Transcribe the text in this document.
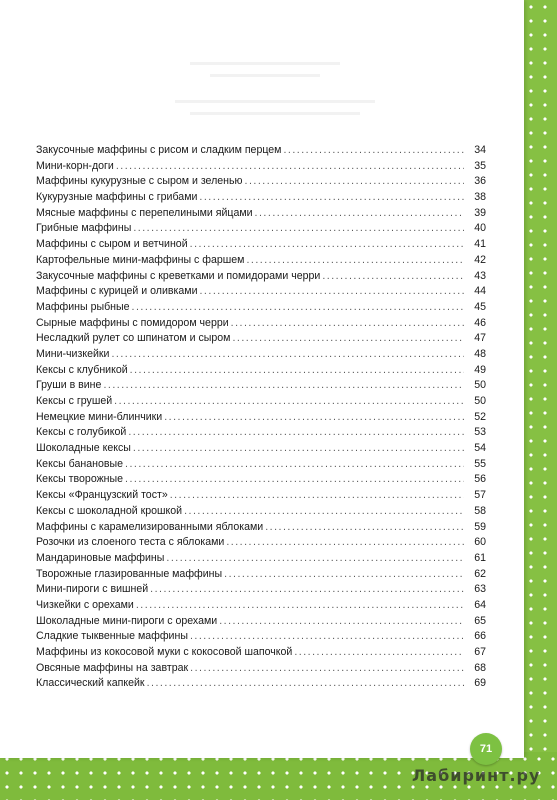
Закусочные маффины с рисом и сладким перцем .....	34
Мини-корн-доги .....	35
Маффины кукурузные с сыром и зеленью .....	36
Кукурузные маффины с грибами .....	38
Мясные маффины с перепелиными яйцами .....	39
Грибные маффины .....	40
Маффины с сыром и ветчиной .....	41
Картофельные мини-маффины с фаршем .....	42
Закусочные маффины с креветками и помидорами черри .....	43
Маффины с курицей и оливками .....	44
Маффины рыбные .....	45
Сырные маффины с помидором черри .....	46
Несладкий рулет со шпинатом и сыром .....	47
Мини-чизкейки .....	48
Кексы с клубникой .....	49
Груши в вине .....	50
Кексы с грушей .....	50
Немецкие мини-блинчики .....	52
Кексы с голубикой .....	53
Шоколадные кексы .....	54
Кексы банановые .....	55
Кексы творожные .....	56
Кексы «Французский тост» .....	57
Кексы с шоколадной крошкой .....	58
Маффины с карамелизированными яблоками .....	59
Розочки из слоеного теста с яблоками .....	60
Мандариновые маффины .....	61
Творожные глазированные маффины .....	62
Мини-пироги с вишней .....	63
Чизкейки с орехами .....	64
Шоколадные мини-пироги с орехами .....	65
Сладкие тыквенные маффины .....	66
Маффины из кокосовой муки с кокосовой шапочкой .....	67
Овсяные маффины на завтрак .....	68
Классический капкейк .....	69
71
Лабиринт.ру
